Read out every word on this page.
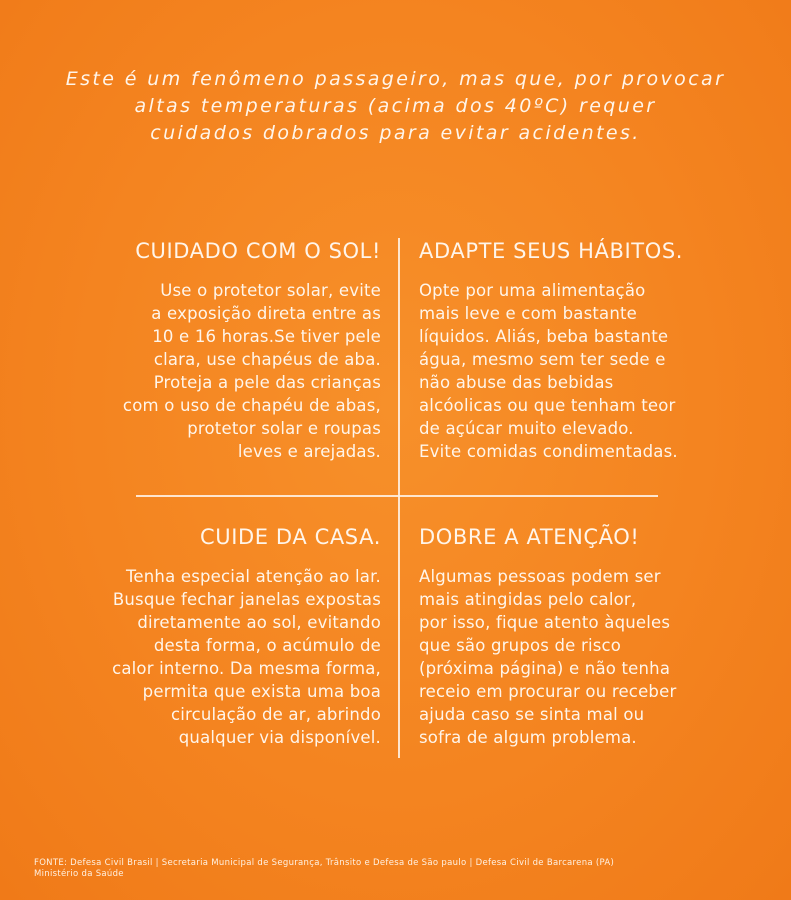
Este é um fenômeno passageiro, mas que, por provocar
altas temperaturas (acima dos 40ºC) requer
cuidados dobrados para evitar acidentes.

CUIDADO COM O SOL!

Use o protetor solar, evite
a exposição direta entre as
10 e 16 horas.Se tiver pele
clara, use chapéus de aba.
Proteja a pele das crianças
com o uso de chapéu de abas,
protetor solar e roupas
leves e arejadas.

ADAPTE SEUS HÁBITOS.

Opte por uma alimentação
mais leve e com bastante
líquidos. Aliás, beba bastante
água, mesmo sem ter sede e
não abuse das bebidas
alcóolicas ou que tenham teor
de açúcar muito elevado.
Evite comidas condimentadas.

CUIDE DA CASA.

Tenha especial atenção ao lar.
Busque fechar janelas expostas
diretamente ao sol, evitando
desta forma, o acúmulo de
calor interno. Da mesma forma,
permita que exista uma boa
circulação de ar, abrindo
qualquer via disponível.

DOBRE A ATENÇÃO!

Algumas pessoas podem ser
mais atingidas pelo calor,
por isso, fique atento àqueles
que são grupos de risco
(próxima página) e não tenha
receio em procurar ou receber
ajuda caso se sinta mal ou
sofra de algum problema.

FONTE: Defesa Civil Brasil | Secretaria Municipal de Segurança, Trânsito e Defesa de São paulo | Defesa Civil de Barcarena (PA)
Ministério da Saúde
